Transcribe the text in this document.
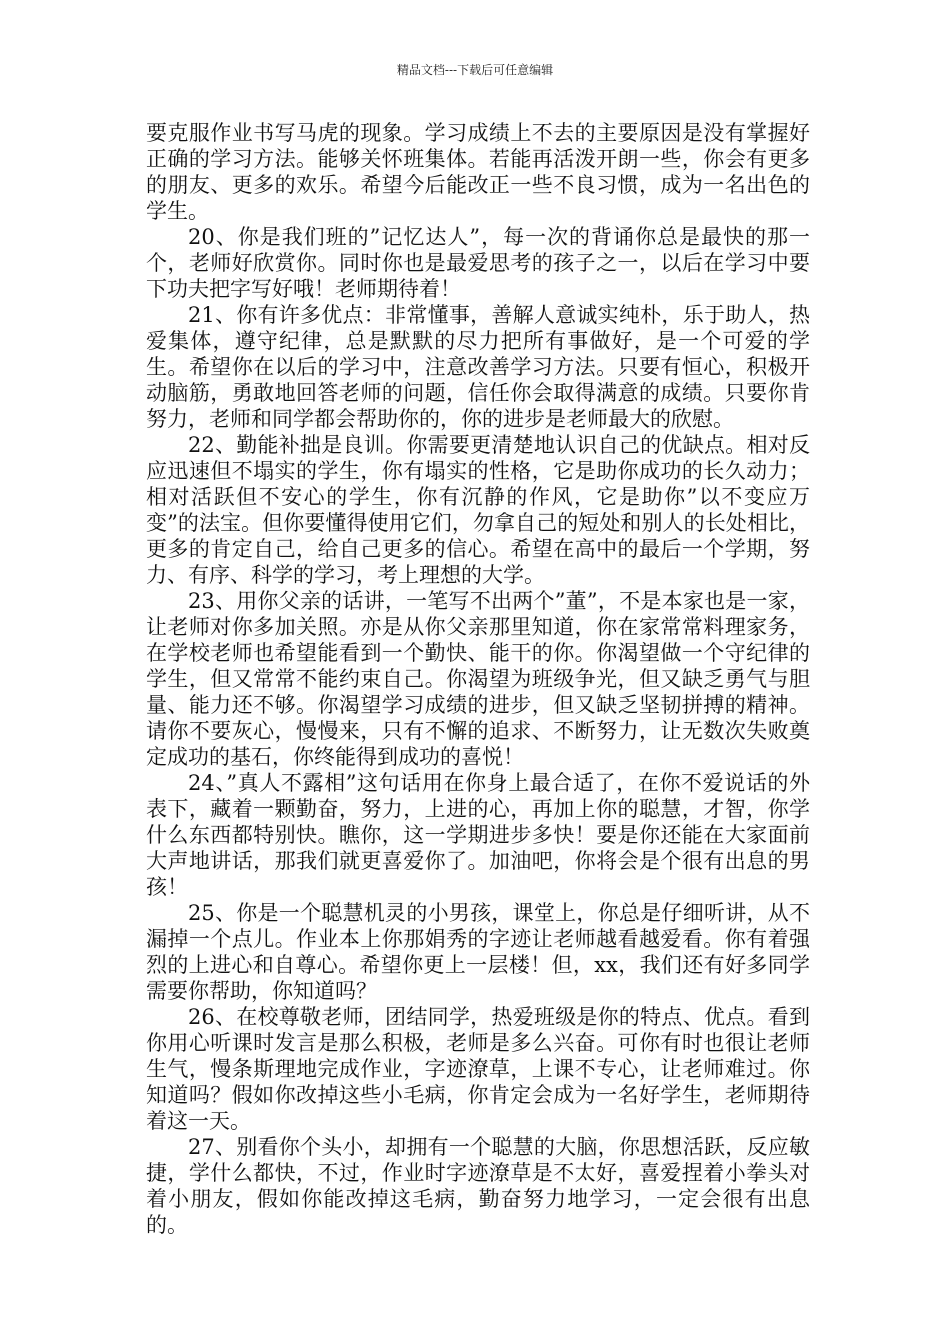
精品文档---下载后可任意编辑

要克服作业书写马虎的现象。学习成绩上不去的主要原因是没有掌握好正确的学习方法。能够关怀班集体。若能再活泼开朗一些，你会有更多的朋友、更多的欢乐。希望今后能改正一些不良习惯，成为一名出色的学生。

20、你是我们班的”记忆达人”，每一次的背诵你总是最快的那一个，老师好欣赏你。同时你也是最爱思考的孩子之一，以后在学习中要下功夫把字写好哦！老师期待着！

21、你有许多优点：非常懂事，善解人意诚实纯朴，乐于助人，热爱集体，遵守纪律，总是默默的尽力把所有事做好，是一个可爱的学生。希望你在以后的学习中，注意改善学习方法。只要有恒心，积极开动脑筋，勇敢地回答老师的问题，信任你会取得满意的成绩。只要你肯努力，老师和同学都会帮助你的，你的进步是老师最大的欣慰。

22、勤能补拙是良训。你需要更清楚地认识自己的优缺点。相对反应迅速但不塌实的学生，你有塌实的性格，它是助你成功的长久动力；相对活跃但不安心的学生，你有沉静的作风，它是助你”以不变应万变”的法宝。但你要懂得使用它们，勿拿自己的短处和别人的长处相比，更多的肯定自己，给自己更多的信心。希望在高中的最后一个学期，努力、有序、科学的学习，考上理想的大学。

23、用你父亲的话讲，一笔写不出两个”董”，不是本家也是一家，让老师对你多加关照。亦是从你父亲那里知道，你在家常常料理家务，在学校老师也希望能看到一个勤快、能干的你。你渴望做一个守纪律的学生，但又常常不能约束自己。你渴望为班级争光，但又缺乏勇气与胆量、能力还不够。你渴望学习成绩的进步，但又缺乏坚韧拼搏的精神。请你不要灰心，慢慢来，只有不懈的追求、不断努力，让无数次失败奠定成功的基石，你终能得到成功的喜悦！

24、”真人不露相”这句话用在你身上最合适了，在你不爱说话的外表下，藏着一颗勤奋，努力，上进的心，再加上你的聪慧，才智，你学什么东西都特别快。瞧你，这一学期进步多快！要是你还能在大家面前大声地讲话，那我们就更喜爱你了。加油吧，你将会是个很有出息的男孩！

25、你是一个聪慧机灵的小男孩，课堂上，你总是仔细听讲，从不漏掉一个点儿。作业本上你那娟秀的字迹让老师越看越爱看。你有着强烈的上进心和自尊心。希望你更上一层楼！但，xx，我们还有好多同学需要你帮助，你知道吗？

26、在校尊敬老师，团结同学，热爱班级是你的特点、优点。看到你用心听课时发言是那么积极，老师是多么兴奋。可你有时也很让老师生气，慢条斯理地完成作业，字迹潦草，上课不专心，让老师难过。你知道吗？假如你改掉这些小毛病，你肯定会成为一名好学生，老师期待着这一天。

27、别看你个头小，却拥有一个聪慧的大脑，你思想活跃，反应敏捷，学什么都快，不过，作业时字迹潦草是不太好，喜爱捏着小拳头对着小朋友，假如你能改掉这毛病，勤奋努力地学习，一定会很有出息的。
